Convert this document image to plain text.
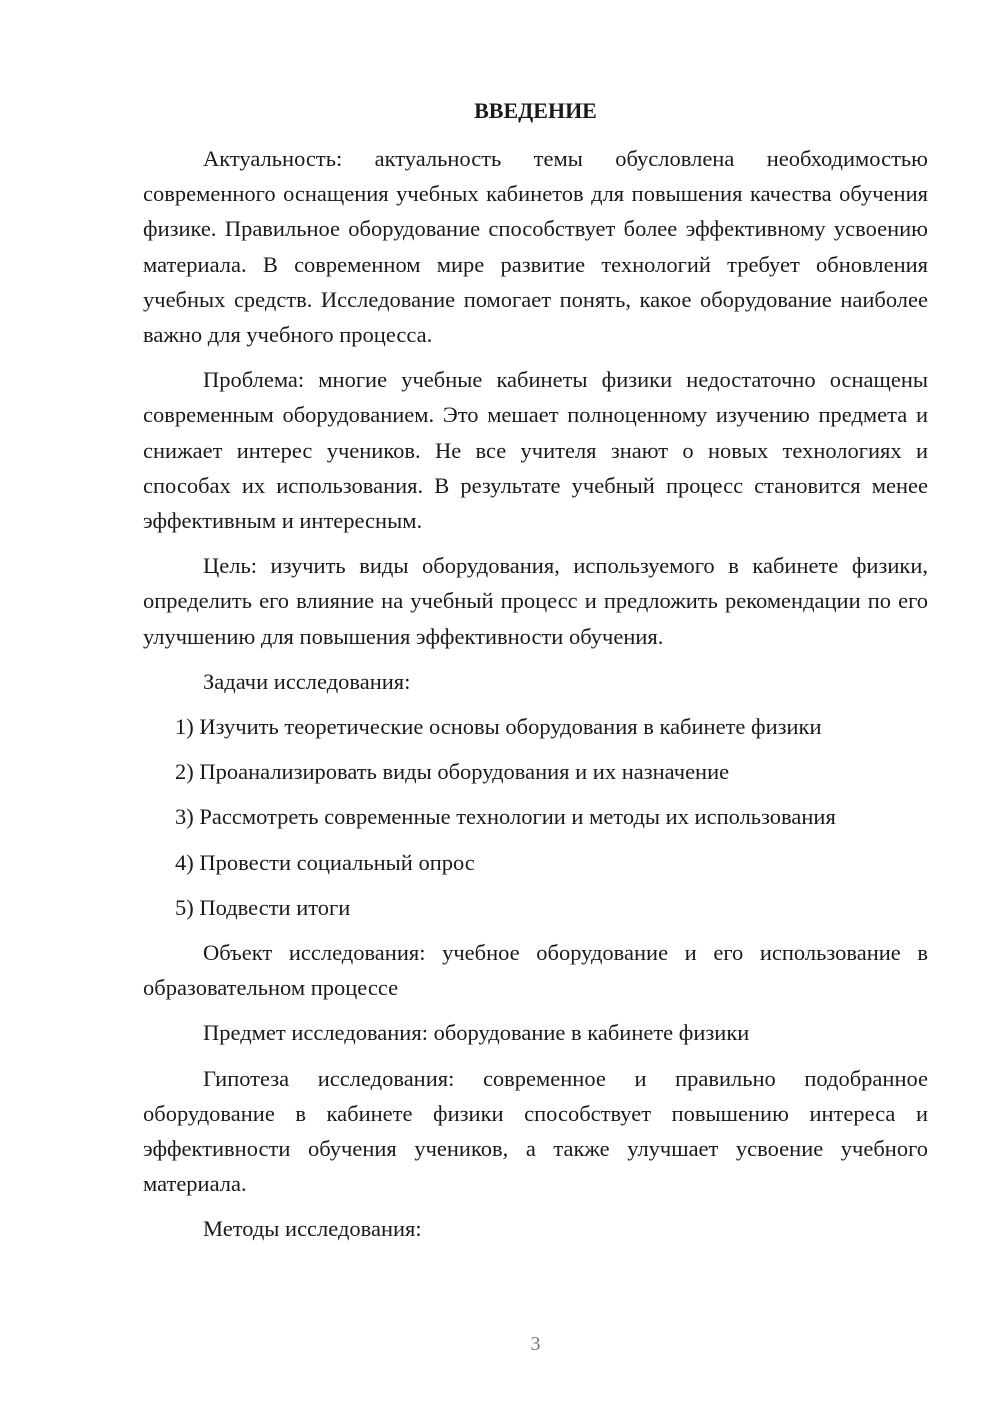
ВВЕДЕНИЕ

Актуальность: актуальность темы обусловлена необходимостью современного оснащения учебных кабинетов для повышения качества обучения физике. Правильное оборудование способствует более эффективному усвоению материала. В современном мире развитие технологий требует обновления учебных средств. Исследование помогает понять, какое оборудование наиболее важно для учебного процесса.

Проблема: многие учебные кабинеты физики недостаточно оснащены современным оборудованием. Это мешает полноценному изучению предмета и снижает интерес учеников. Не все учителя знают о новых технологиях и способах их использования. В результате учебный процесс становится менее эффективным и интересным.

Цель: изучить виды оборудования, используемого в кабинете физики, определить его влияние на учебный процесс и предложить рекомендации по его улучшению для повышения эффективности обучения.

Задачи исследования:

1) Изучить теоретические основы оборудования в кабинете физики

2) Проанализировать виды оборудования и их назначение

3) Рассмотреть современные технологии и методы их использования

4) Провести социальный опрос

5) Подвести итоги

Объект исследования: учебное оборудование и его использование в образовательном процессе

Предмет исследования: оборудование в кабинете физики

Гипотеза исследования: современное и правильно подобранное оборудование в кабинете физики способствует повышению интереса и эффективности обучения учеников, а также улучшает усвоение учебного материала.

Методы исследования:

3
